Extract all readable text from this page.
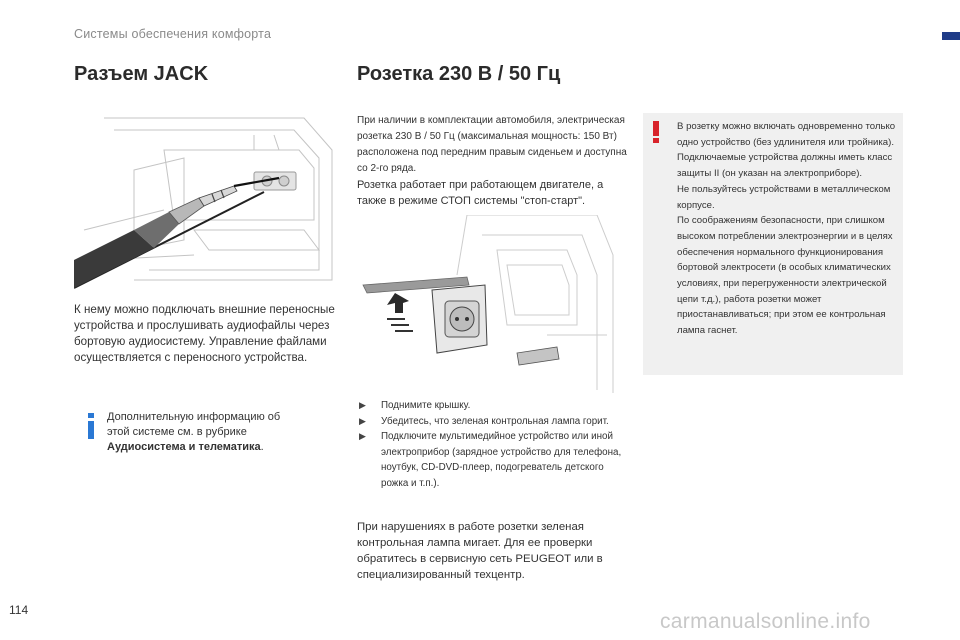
Системы обеспечения комфорта
Разъем JACK	Розетка 230 В / 50 Гц
К нему можно подключать внешние переносные устройства и прослушивать аудиофайлы через бортовую аудиосистему. Управление файлами осуществляется с переносного устройства.
Дополнительную информацию об этой системе см. в рубрике Аудиосистема и телематика.
При наличии в комплектации автомобиля, электрическая розетка 230 В / 50 Гц (максимальная мощность: 150 Вт) расположена под передним правым сиденьем и доступна со 2-го ряда.
Розетка работает при работающем двигателе, а также в режиме СТОП системы "стоп-старт".
В розетку можно включать одновременно только одно устройство (без удлинителя или тройника).
Подключаемые устройства должны иметь класс защиты II (он указан на электроприборе).
Не пользуйтесь устройствами в металлическом корпусе.
По соображениям безопасности, при слишком высоком потреблении электроэнергии и в целях обеспечения нормального функционирования бортовой электросети (в особых климатических условиях, при перегруженности электрической цепи т.д.), работа розетки может приостанавливаться; при этом ее контрольная лампа гаснет.
▶ Поднимите крышку.
▶ Убедитесь, что зеленая контрольная лампа горит.
▶ Подключите мультимедийное устройство или иной электроприбор (зарядное устройство для телефона, ноутбук, CD-DVD-плеер, подогреватель детского рожка и т.п.).
При нарушениях в работе розетки зеленая контрольная лампа мигает. Для ее проверки обратитесь в сервисную сеть PEUGEOT или в специализированный техцентр.
114	carmanualsonline.info
